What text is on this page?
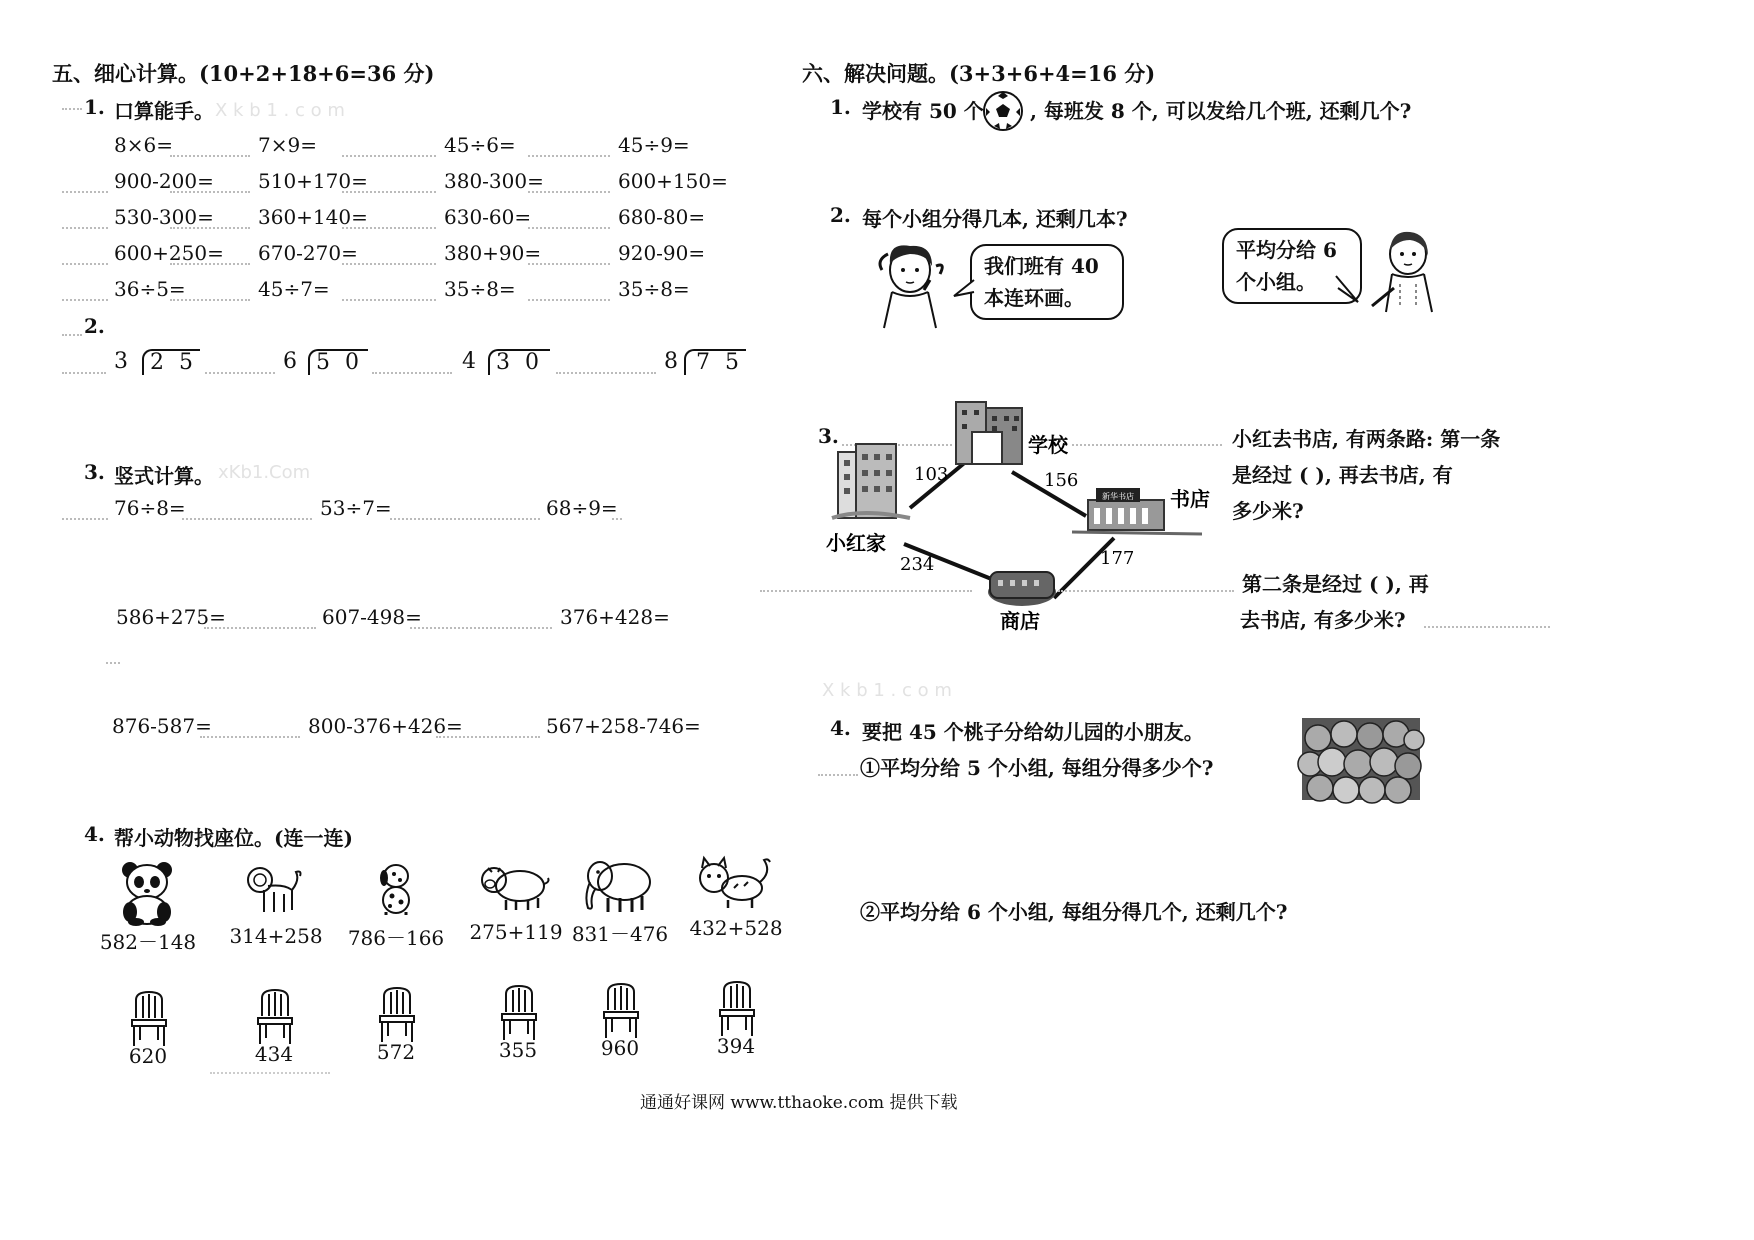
五、细心计算。(10+2+18+6=36 分)
1. 口算能手。 X k b 1 . c o m
8×6=	7×9=	45÷6=	45÷9=
900-200= 510+170=	380-300=	600+150=
530-300= 360+140=	630-60=	680-80=
600+250= 670-270=	380+90=	920-90=
36÷5=	45÷7=	35÷8=	35÷8=
2.
3 2 5	6 5 0	4 3 0	8 7 5
3. 竖式计算。 xKb1.Com
76÷8=	53÷7=	68÷9=
586+275=	607-498=	376+428=
876-587=	800-376+426=	567+258-746=
4. 帮小动物找座位。(连一连)
582－148	314+258	786－166	275+119 831－476	432+528
620	434	572	355	960	394
六、解决问题。(3+3+6+4=16 分)
1. 学校有 50 个 , 每班发 8 个, 可以发给几个班, 还剩几个?
2. 每个小组分得几本, 还剩几本?
我们班有 40
本连环画。
平均分给 6
个小组。
3.
新华书店
103	156
234	177
学校
书店
小红家
商店
小红去书店, 有两条路: 第一条
是经过 ( ), 再去书店, 有
多少米?
第二条是经过 ( ), 再
去书店, 有多少米?
X k b 1 . c o m
4. 要把 45 个桃子分给幼儿园的小朋友。
①平均分给 5 个小组, 每组分得多少个?
②平均分给 6 个小组, 每组分得几个, 还剩几个?
通通好课网 www.tthaoke.com 提供下载
